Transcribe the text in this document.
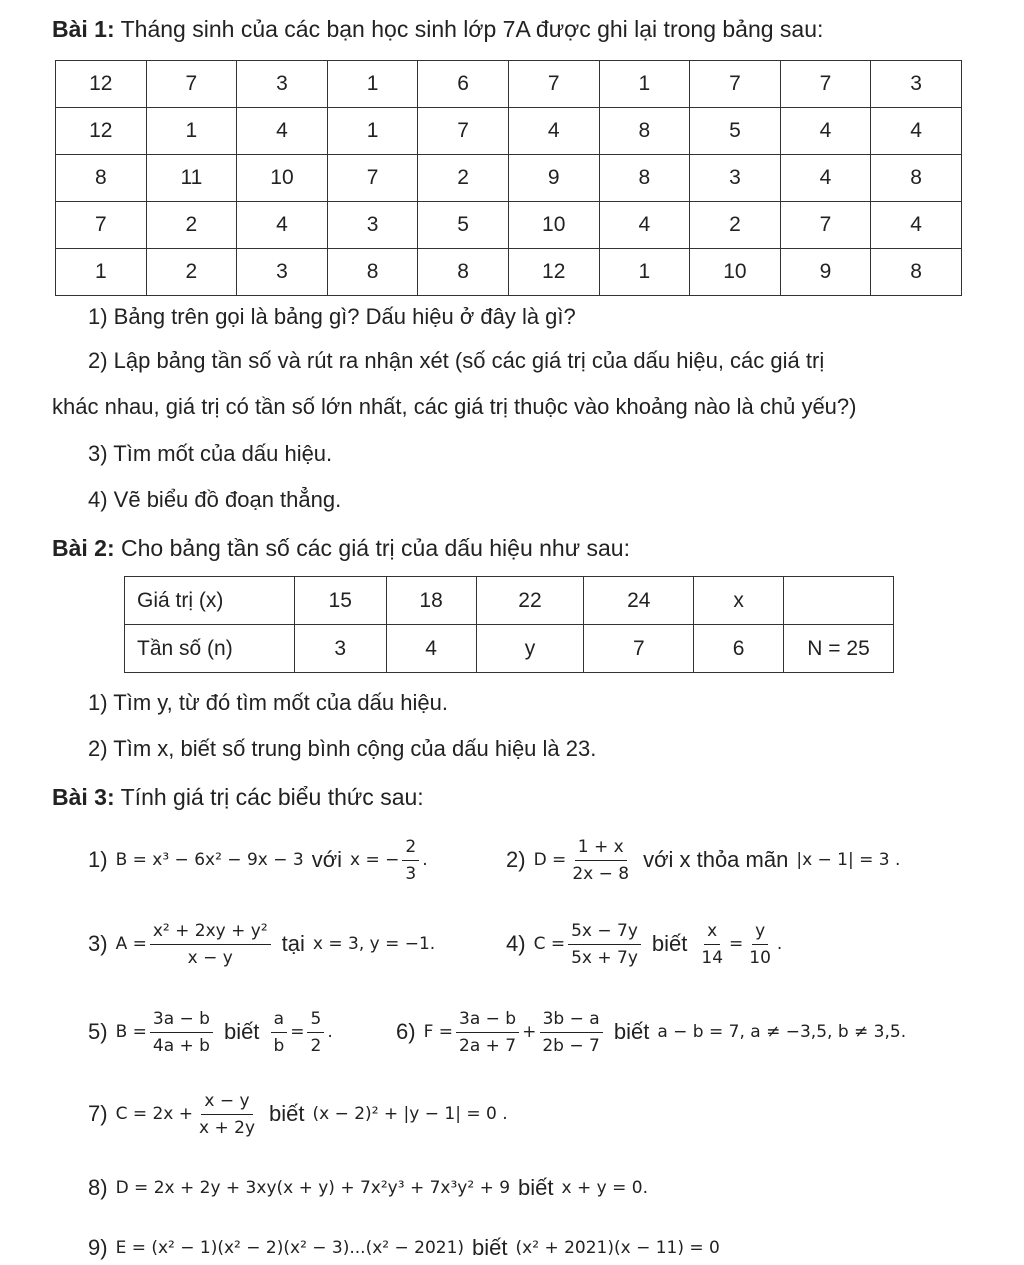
Bài 1: Tháng sinh của các bạn học sinh lớp 7A được ghi lại trong bảng sau:
12	7	3	1	6	7	1	7	7	3
12	1	4	1	7	4	8	5	4	4
8	11	10	7	2	9	8	3	4	8
7	2	4	3	5	10	4	2	7	4
1	2	3	8	8	12	1	10	9	8
1) Bảng trên gọi là bảng gì? Dấu hiệu ở đây là gì?
2) Lập bảng tần số và rút ra nhận xét (số các giá trị của dấu hiệu, các giá trị
khác nhau, giá trị có tần số lớn nhất, các giá trị thuộc vào khoảng nào là chủ yếu?)
3) Tìm mốt của dấu hiệu.
4) Vẽ biểu đồ đoạn thẳng.
Bài 2: Cho bảng tần số các giá trị của dấu hiệu như sau:
Giá trị (x)	15	18	22	24	x	
Tần số (n)	3	4	y	7	6	N = 25
1) Tìm y, từ đó tìm mốt của dấu hiệu.
2) Tìm x, biết số trung bình cộng của dấu hiệu là 23.
Bài 3: Tính giá trị các biểu thức sau:
1) B = x³ − 6x² − 9x − 3 với x = − $\frac{2}{3}$ .	2) $D = \frac{1 + x}{2x - 8}$ với x thỏa mãn |x − 1| = 3 .
3) $A = \frac{\text{x² + 2xy + y²}}{x - y}$ tại x = 3, y = −1.	4) $C = \frac{5x - 7y}{5x + 7y}$ biết $\frac{x}{14} = \frac{y}{10}$ .
5) $B = \frac{3a - b}{4a + b}$ biết $\frac{a}{b} = \frac{5}{2}$ .	6) $F = \frac{3a - b}{2a + 7} + \frac{3b - a}{2b - 7}$ biết a − b = 7, a ≠ −3,5, b ≠ 3,5.
7) $C = 2x + \frac{x - y}{x + 2y}$ biết (x − 2)² + |y − 1| = 0 .
8) D = 2x + 2y + 3xy(x + y) + 7x²y³ + 7x³y² + 9 biết x + y = 0.
9) E = (x² − 1)(x² − 2)(x² − 3)...(x² − 2021) biết (x² + 2021)(x − 11) = 0
